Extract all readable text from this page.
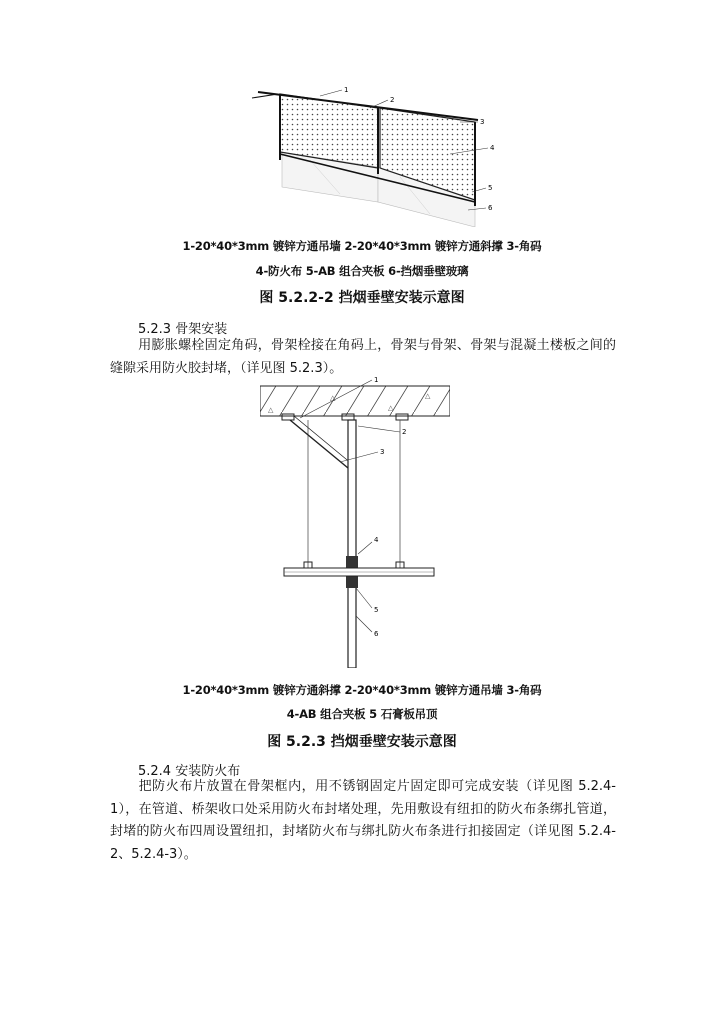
1
2
3
4
5
6
1-20*40*3mm 镀锌方通吊墙 2-20*40*3mm 镀锌方通斜撑 3-角码
4-防火布 5-AB 组合夹板 6-挡烟垂壁玻璃
图 5.2.2-2 挡烟垂壁安装示意图
5.2.3 骨架安装
用膨胀螺栓固定角码，骨架栓接在角码上，骨架与骨架、骨架与混凝土楼板之间的缝隙采用防火胶封堵，（详见图 5.2.3）。
△
△
△
△
1
2
3
4
5
6
1-20*40*3mm 镀锌方通斜撑 2-20*40*3mm 镀锌方通吊墙 3-角码
4-AB 组合夹板 5 石膏板吊顶
图 5.2.3 挡烟垂壁安装示意图
5.2.4 安装防火布
把防火布片放置在骨架框内，用不锈钢固定片固定即可完成安装（详见图 5.2.4-1），在管道、桥架收口处采用防火布封堵处理，先用敷设有纽扣的防火布条绑扎管道，封堵的防火布四周设置纽扣，封堵防火布与绑扎防火布条进行扣接固定（详见图 5.2.4-2、5.2.4-3）。
